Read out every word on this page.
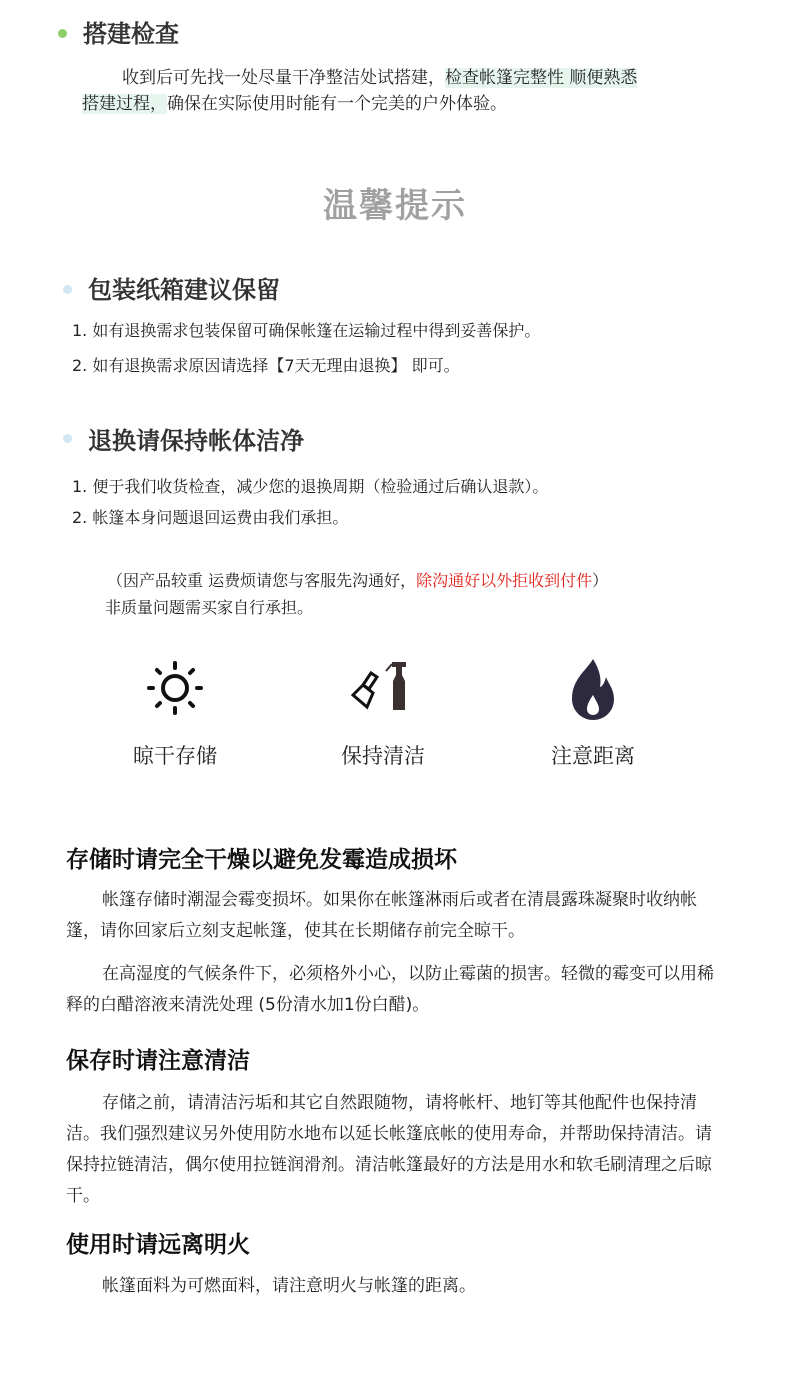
搭建检查
收到后可先找一处尽量干净整洁处试搭建，检查帐篷完整性 顺便熟悉
搭建过程，确保在实际使用时能有一个完美的户外体验。
温馨提示
包装纸箱建议保留
1. 如有退换需求包装保留可确保帐篷在运输过程中得到妥善保护。
2. 如有退换需求原因请选择【7天无理由退换】 即可。
退换请保持帐体洁净
1. 便于我们收货检查，减少您的退换周期（检验通过后确认退款）。
2. 帐篷本身问题退回运费由我们承担。
（因产品较重 运费烦请您与客服先沟通好，除沟通好以外拒收到付件）
非质量问题需买家自行承担。
晾干存储	保持清洁	注意距离
存储时请完全干燥以避免发霉造成损坏
帐篷存储时潮湿会霉变损坏。如果你在帐篷淋雨后或者在清晨露珠凝聚时收纳帐篷，请你回家后立刻支起帐篷，使其在长期储存前完全晾干。
在高湿度的气候条件下，必须格外小心，以防止霉菌的损害。轻微的霉变可以用稀释的白醋溶液来清洗处理 (5份清水加1份白醋)。
保存时请注意清洁
存储之前，请清洁污垢和其它自然跟随物，请将帐杆、地钉等其他配件也保持清洁。我们强烈建议另外使用防水地布以延长帐篷底帐的使用寿命，并帮助保持清洁。请保持拉链清洁，偶尔使用拉链润滑剂。清洁帐篷最好的方法是用水和软毛刷清理之后晾干。
使用时请远离明火
帐篷面料为可燃面料，请注意明火与帐篷的距离。
